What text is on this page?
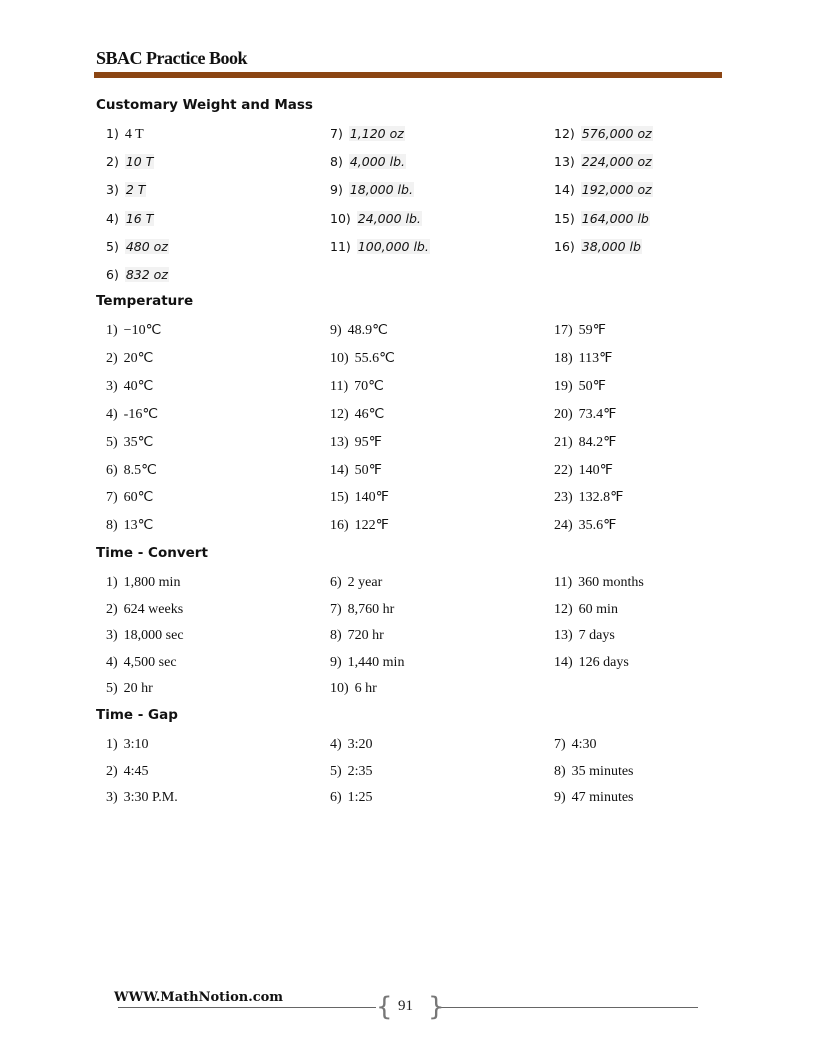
SBAC Practice Book
Customary Weight and Mass
Temperature
Time - Convert
Time - Gap
1) 4 T
2) 10 T
3) 2 T
4) 16 T
5) 480 oz
6) 832 oz
7) 1,120 oz
8) 4,000 lb.
9) 18,000 lb.
10) 24,000 lb.
11) 100,000 lb.
12) 576,000 oz
13) 224,000 oz
14) 192,000 oz
15) 164,000 lb
16) 38,000 lb
1) −10℃
2) 20℃
3) 40℃
4) -16℃
5) 35℃
6) 8.5℃
7) 60℃
8) 13℃
9) 48.9℃
10) 55.6℃
11) 70℃
12) 46℃
13) 95℉
14) 50℉
15) 140℉
16) 122℉
17) 59℉
18) 113℉
19) 50℉
20) 73.4℉
21) 84.2℉
22) 140℉
23) 132.8℉
24) 35.6℉
1) 1,800 min
2) 624 weeks
3) 18,000 sec
4) 4,500 sec
5) 20 hr
6) 2 year
7) 8,760 hr
8) 720 hr
9) 1,440 min
10) 6 hr
11) 360 months
12) 60 min
13) 7 days
14) 126 days
1) 3:10
2) 4:45
3) 3:30 P.M.
4) 3:20
5) 2:35
6) 1:25
7) 4:30
8) 35 minutes
9) 47 minutes
WWW.MathNotion.com	{ }
91
